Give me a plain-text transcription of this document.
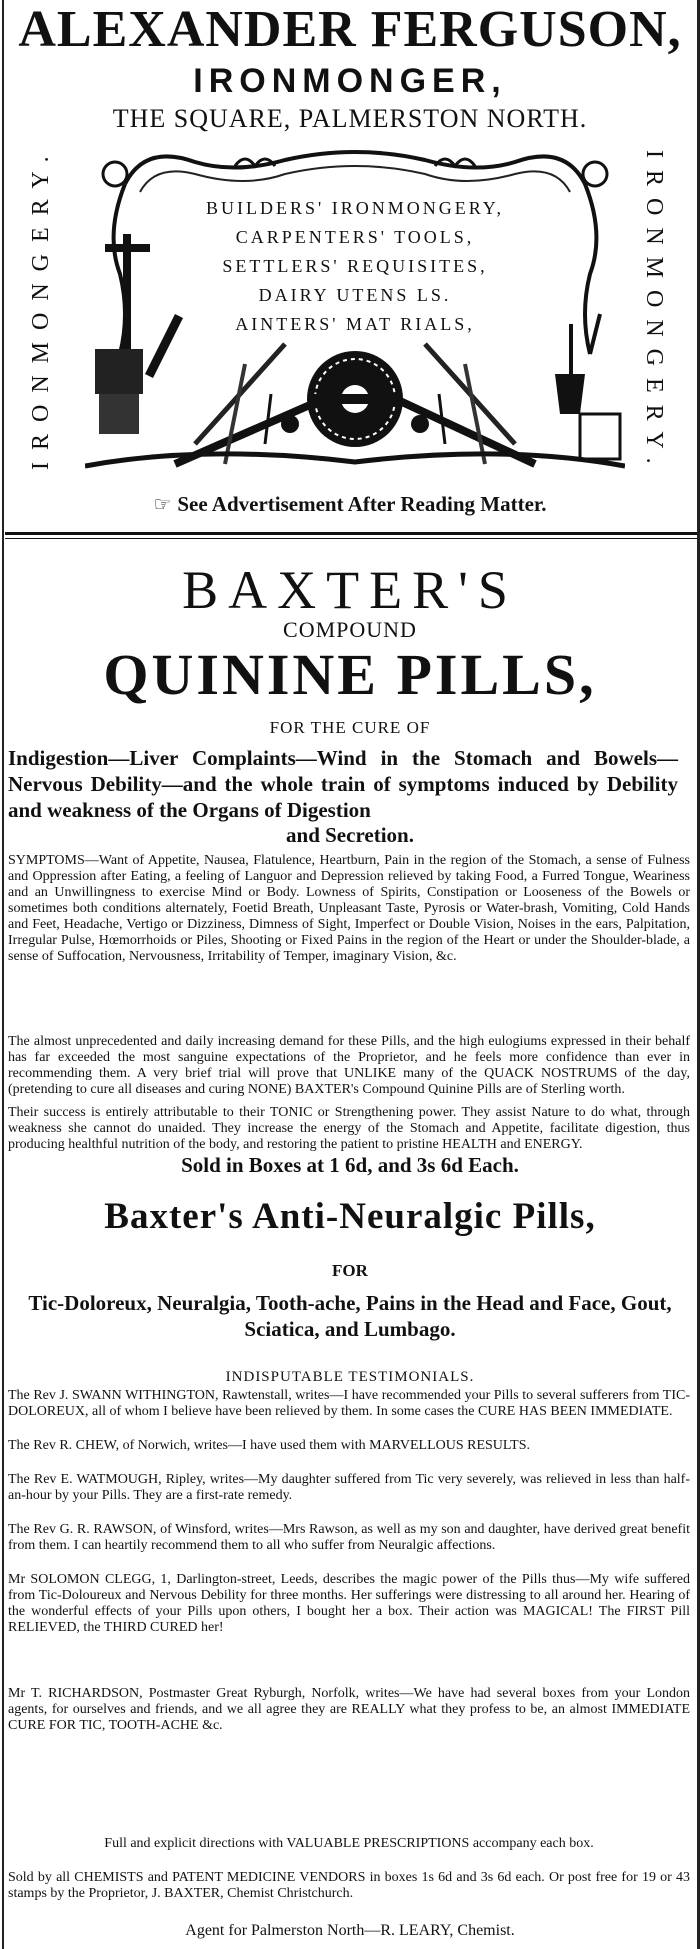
ALEXANDER FERGUSON,
IRONMONGER,
THE SQUARE, PALMERSTON NORTH.
IRONMONGERY.	IRONMONGERY.
BUILDERS' IRONMONGERY,
CARPENTERS' TOOLS,
SETTLERS' REQUISITES,
DAIRY UTENS LS.
AINTERS' MAT RIALS,
☞ See Advertisement After Reading Matter.
BAXTER'S
COMPOUND
QUININE PILLS,
FOR THE CURE OF
Indigestion—Liver Complaints—Wind in the Stomach and Bowels—Nervous Debility—and the whole train of symptoms induced by Debility and weakness of the Organs of Digestion
and Secretion.
SYMPTOMS—Want of Appetite, Nausea, Flatulence, Heartburn, Pain in the region of the Stomach, a sense of Fulness and Oppression after Eating, a feeling of Languor and Depression relieved by taking Food, a Furred Tongue, Weariness and an Unwillingness to exercise Mind or Body. Lowness of Spirits, Constipation or Looseness of the Bowels or sometimes both conditions alternately, Foetid Breath, Unpleasant Taste, Pyrosis or Water-brash, Vomiting, Cold Hands and Feet, Headache, Vertigo or Dizziness, Dimness of Sight, Imperfect or Double Vision, Noises in the ears, Palpitation, Irregular Pulse, Hœmorrhoids or Piles, Shooting or Fixed Pains in the region of the Heart or under the Shoulder-blade, a sense of Suffocation, Nervousness, Irritability of Temper, imaginary Vision, &c.
The almost unprecedented and daily increasing demand for these Pills, and the high eulogiums expressed in their behalf has far exceeded the most sanguine expectations of the Proprietor, and he feels more confidence than ever in recommending them. A very brief trial will prove that UNLIKE many of the QUACK NOSTRUMS of the day, (pretending to cure all diseases and curing NONE) BAXTER's Compound Quinine Pills are of Sterling worth.
Their success is entirely attributable to their TONIC or Strengthening power. They assist Nature to do what, through weakness she cannot do unaided. They increase the energy of the Stomach and Appetite, facilitate digestion, thus producing healthful nutrition of the body, and restoring the patient to pristine HEALTH and ENERGY.
Sold in Boxes at 1 6d, and 3s 6d Each.
Baxter's Anti-Neuralgic Pills,
FOR
Tic-Doloreux, Neuralgia, Tooth-ache, Pains in the Head and Face, Gout, Sciatica, and Lumbago.
INDISPUTABLE TESTIMONIALS.
The Rev J. SWANN WITHINGTON, Rawtenstall, writes—I have recommended your Pills to several sufferers from TIC-DOLOREUX, all of whom I believe have been relieved by them. In some cases the CURE HAS BEEN IMMEDIATE.
The Rev R. CHEW, of Norwich, writes—I have used them with MARVELLOUS RESULTS.
The Rev E. WATMOUGH, Ripley, writes—My daughter suffered from Tic very severely, was relieved in less than half-an-hour by your Pills. They are a first-rate remedy.
The Rev G. R. RAWSON, of Winsford, writes—Mrs Rawson, as well as my son and daughter, have derived great benefit from them. I can heartily recommend them to all who suffer from Neuralgic affections.
Mr SOLOMON CLEGG, 1, Darlington-street, Leeds, describes the magic power of the Pills thus—My wife suffered from Tic-Doloureux and Nervous Debility for three months. Her sufferings were distressing to all around her. Hearing of the wonderful effects of your Pills upon others, I bought her a box. Their action was MAGICAL! The FIRST Pill RELIEVED, the THIRD CURED her!
Mr T. RICHARDSON, Postmaster Great Ryburgh, Norfolk, writes—We have had several boxes from your London agents, for ourselves and friends, and we all agree they are REALLY what they profess to be, an almost IMMEDIATE CURE FOR TIC, TOOTH-ACHE &c.
Full and explicit directions with VALUABLE PRESCRIPTIONS accompany each box.
Sold by all CHEMISTS and PATENT MEDICINE VENDORS in boxes 1s 6d and 3s 6d each. Or post free for 19 or 43 stamps by the Proprietor, J. BAXTER, Chemist Christchurch.
Agent for Palmerston North—R. LEARY, Chemist.
